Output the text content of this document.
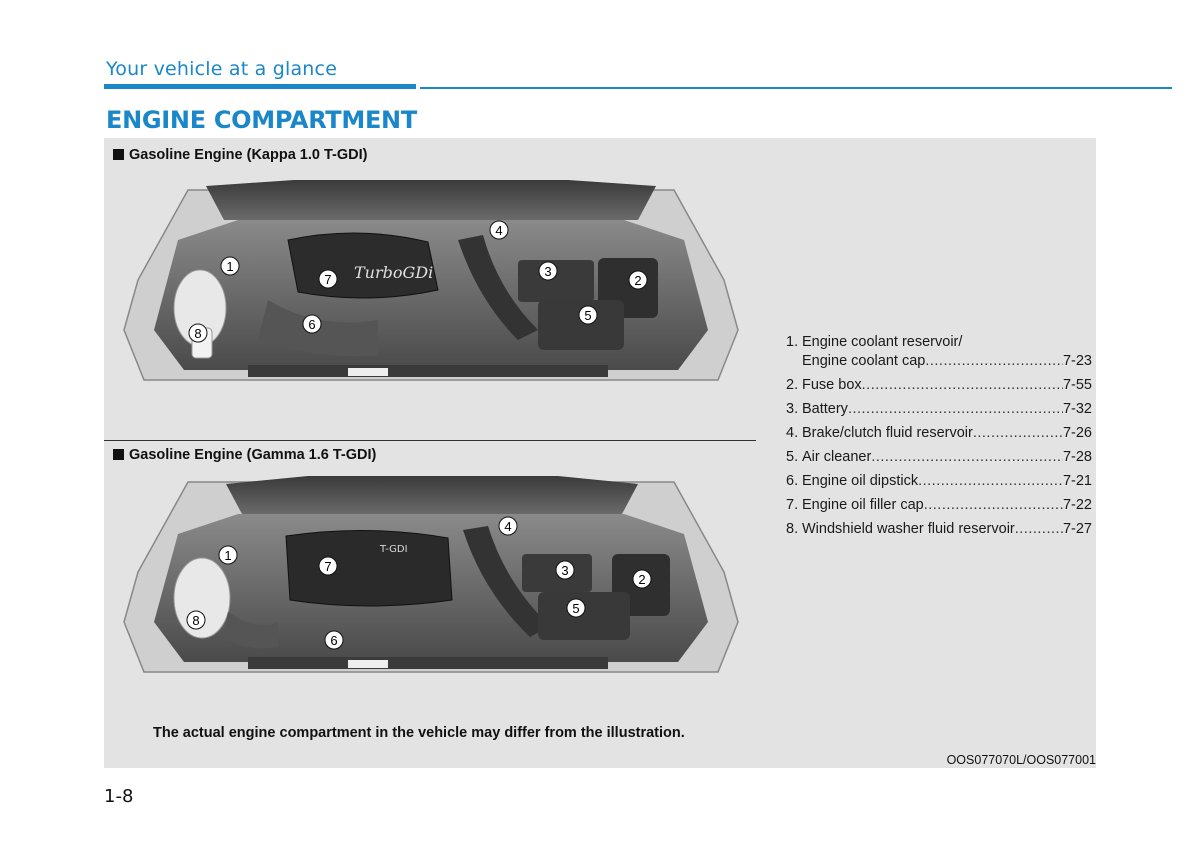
Your vehicle at a glance
ENGINE COMPARTMENT
Gasoline Engine (Kappa 1.0 T-GDI)
TurboGDi
1
2
3
4
5
6
7
8
Gasoline Engine (Gamma 1.6 T-GDI)
T-GDI
1
2
3
4
5
6
7
8
1. Engine coolant reservoir/
Engine coolant cap .....	7-23
2. Fuse box .....	7-55
3. Battery .....	7-32
4. Brake/clutch fluid reservoir .....	7-26
5. Air cleaner .....	7-28
6. Engine oil dipstick .....	7-21
7. Engine oil filler cap .....	7-22
8. Windshield washer fluid reservoir .....	7-27
The actual engine compartment in the vehicle may differ from the illustration.
OOS077070L/OOS077001
1-8
